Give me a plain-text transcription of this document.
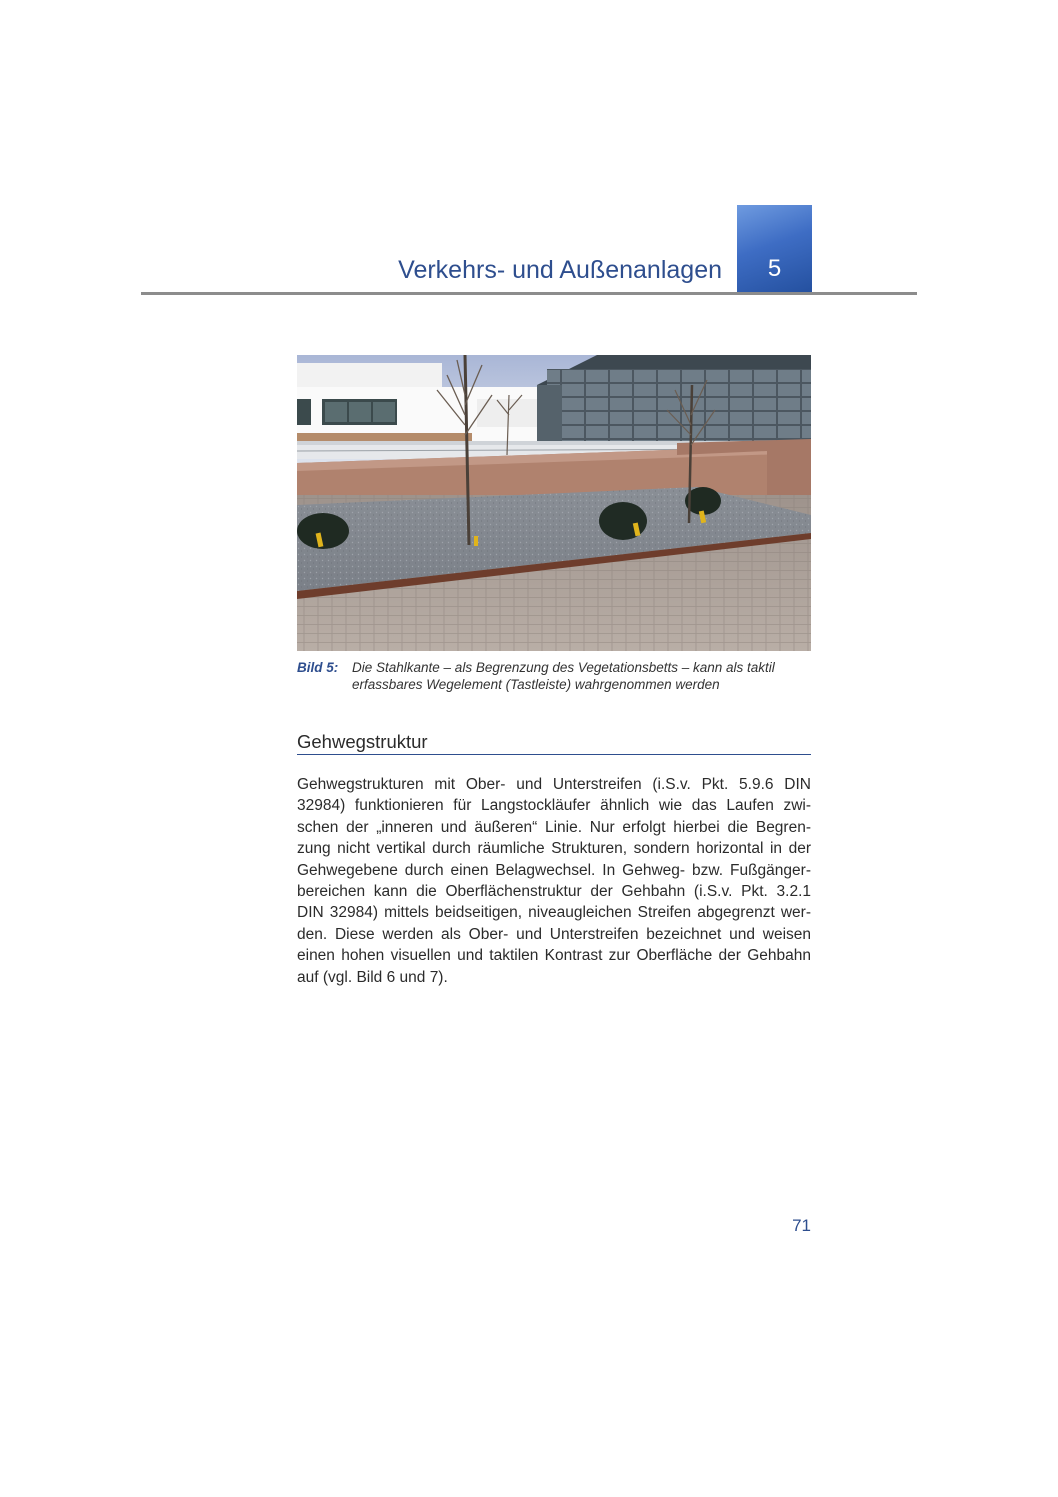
Verkehrs- und Außenanlagen	5
Bild 5: Die Stahlkante – als Begrenzung des Vegetationsbetts – kann als taktil
erfassbares Wegelement (Tastleiste) wahrgenommen werden
Gehwegstruktur
Gehwegstrukturen mit Ober- und Unterstreifen (i.S.v. Pkt. 5.9.6 DIN
32984) funktionieren für Langstockläufer ähnlich wie das Laufen zwi-
schen der „inneren und äußeren“ Linie. Nur erfolgt hierbei die Begren-
zung nicht vertikal durch räumliche Strukturen, sondern horizontal in der
Gehwegebene durch einen Belagwechsel. In Gehweg- bzw. Fußgänger-
bereichen kann die Oberflächenstruktur der Gehbahn (i.S.v. Pkt. 3.2.1
DIN 32984) mittels beidseitigen, niveaugleichen Streifen abgegrenzt wer-
den. Diese werden als Ober- und Unterstreifen bezeichnet und weisen
einen hohen visuellen und taktilen Kontrast zur Oberfläche der Gehbahn
auf (vgl. Bild 6 und 7).
71
